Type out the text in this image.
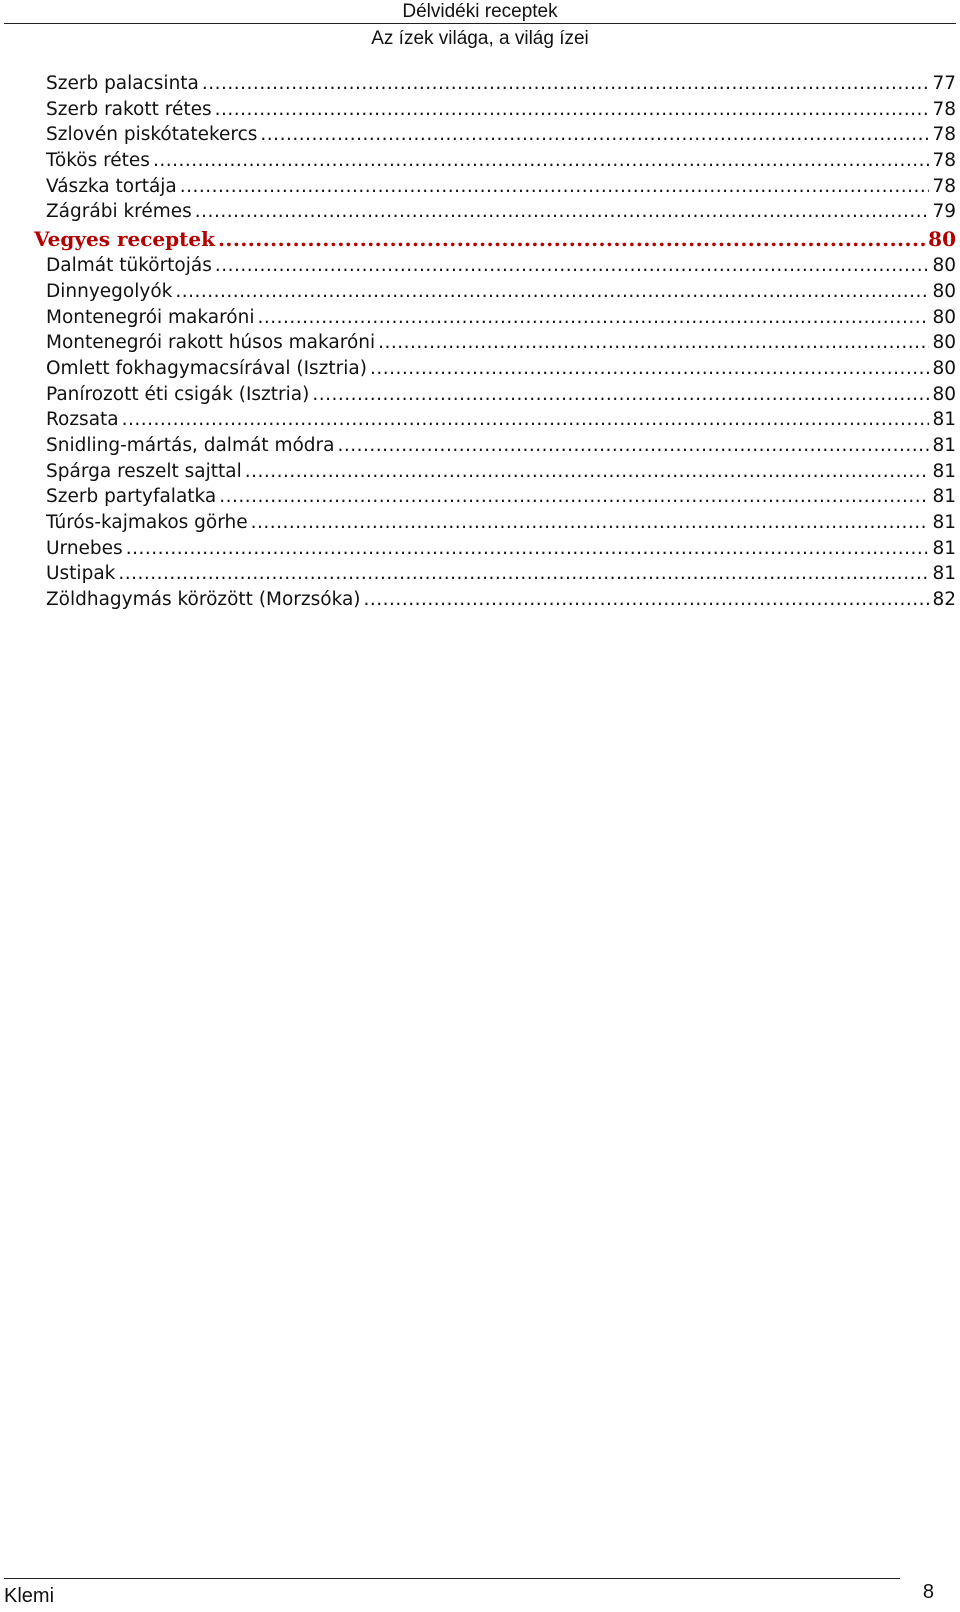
Délvidéki receptek
Az ízek világa, a világ ízei
Szerb palacsinta .....	77
Szerb rakott rétes .....	78
Szlovén piskótatekercs .....	78
Tökös rétes .....	78
Vászka tortája .....	78
Zágrábi krémes .....	79
Vegyes receptek .....	80
Dalmát tükörtojás .....	80
Dinnyegolyók .....	80
Montenegrói makaróni .....	80
Montenegrói rakott húsos makaróni .....	80
Omlett fokhagymacsírával (Isztria) .....	80
Panírozott éti csigák (Isztria) .....	80
Rozsata .....	81
Snidling-mártás, dalmát módra .....	81
Spárga reszelt sajttal .....	81
Szerb partyfalatka .....	81
Túrós-kajmakos görhe .....	81
Urnebes .....	81
Ustipak .....	81
Zöldhagymás körözött (Morzsóka) .....	82
Klemi	8
